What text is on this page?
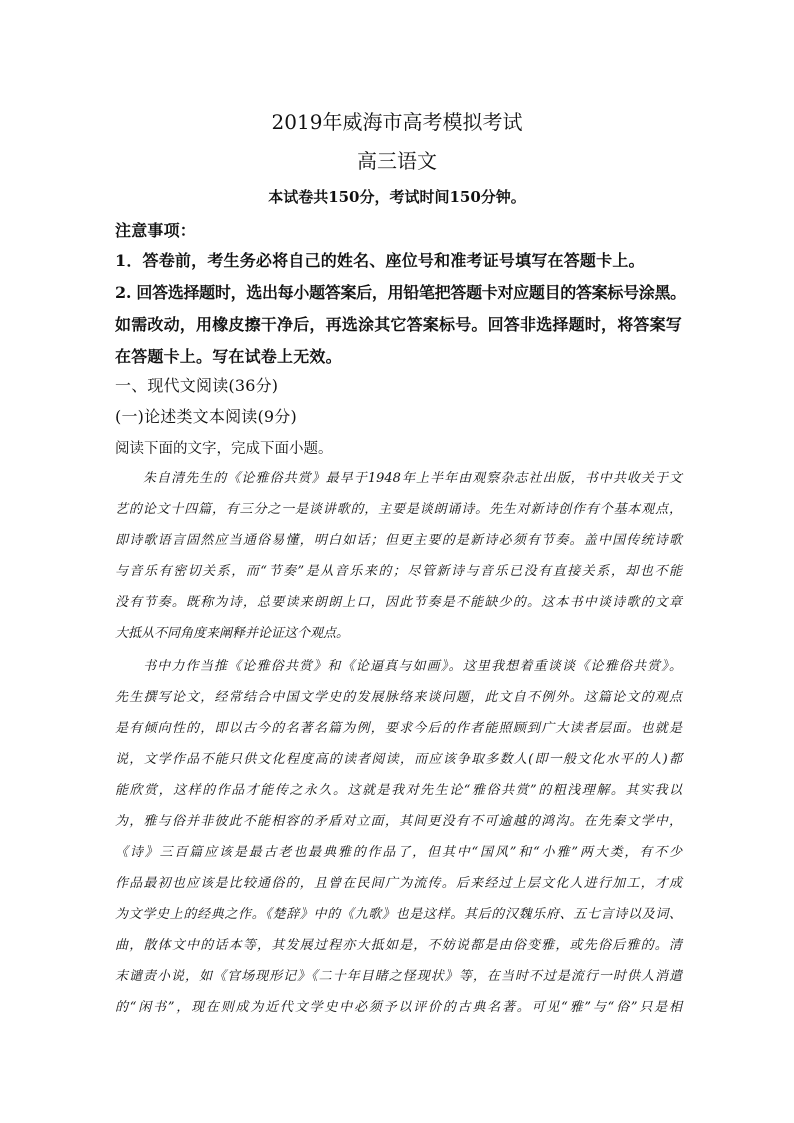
2019年威海市高考模拟考试
高三语文
本试卷共150分，考试时间150分钟。
注意事项：
1．答卷前，考生务必将自己的姓名、座位号和准考证号填写在答题卡上。
2. 回答选择题时，选出每小题答案后，用铅笔把答题卡对应题目的答案标号涂黑。
如需改动，用橡皮擦干净后，再选涂其它答案标号。回答非选择题时，将答案写
在答题卡上。写在试卷上无效。
一、现代文阅读(36分)
(一)论述类文本阅读(9分)
阅读下面的文字，完成下面小题。
朱自清先生的《论雅俗共赏》最早于1948年上半年由观察杂志社出版，书中共收关于文
艺的论文十四篇，有三分之一是谈讲歌的，主要是谈朗诵诗。先生对新诗创作有个基本观点，
即诗歌语言固然应当通俗易懂，明白如话；但更主要的是新诗必须有节奏。盖中国传统诗歌
与音乐有密切关系，而“节奏”是从音乐来的；尽管新诗与音乐已没有直接关系，却也不能
没有节奏。既称为诗，总要读来朗朗上口，因此节奏是不能缺少的。这本书中谈诗歌的文章
大抵从不同角度来阐释并论证这个观点。
书中力作当推《论雅俗共赏》和《论逼真与如画》。这里我想着重谈谈《论雅俗共赏》。
先生撰写论文，经常结合中国文学史的发展脉络来谈问题，此文自不例外。这篇论文的观点
是有倾向性的，即以古今的名著名篇为例，要求今后的作者能照顾到广大读者层面。也就是
说，文学作品不能只供文化程度高的读者阅读，而应该争取多数人(即一般文化水平的人)都
能欣赏，这样的作品才能传之永久。这就是我对先生论“雅俗共赏”的粗浅理解。其实我以
为，雅与俗并非彼此不能相容的矛盾对立面，其间更没有不可逾越的鸿沟。在先秦文学中，
《诗》三百篇应该是最古老也最典雅的作品了，但其中“国风”和“小雅”两大类，有不少
作品最初也应该是比较通俗的，且曾在民间广为流传。后来经过上层文化人进行加工，才成
为文学史上的经典之作。《楚辞》中的《九歌》也是这样。其后的汉魏乐府、五七言诗以及词、
曲，散体文中的话本等，其发展过程亦大抵如是，不妨说都是由俗变雅，或先俗后雅的。清
末谴责小说，如《官场现形记》《二十年目睹之怪现状》等，在当时不过是流行一时供人消遣
的“闲书”，现在则成为近代文学史中必须予以评价的古典名著。可见“雅”与“俗”只是相
